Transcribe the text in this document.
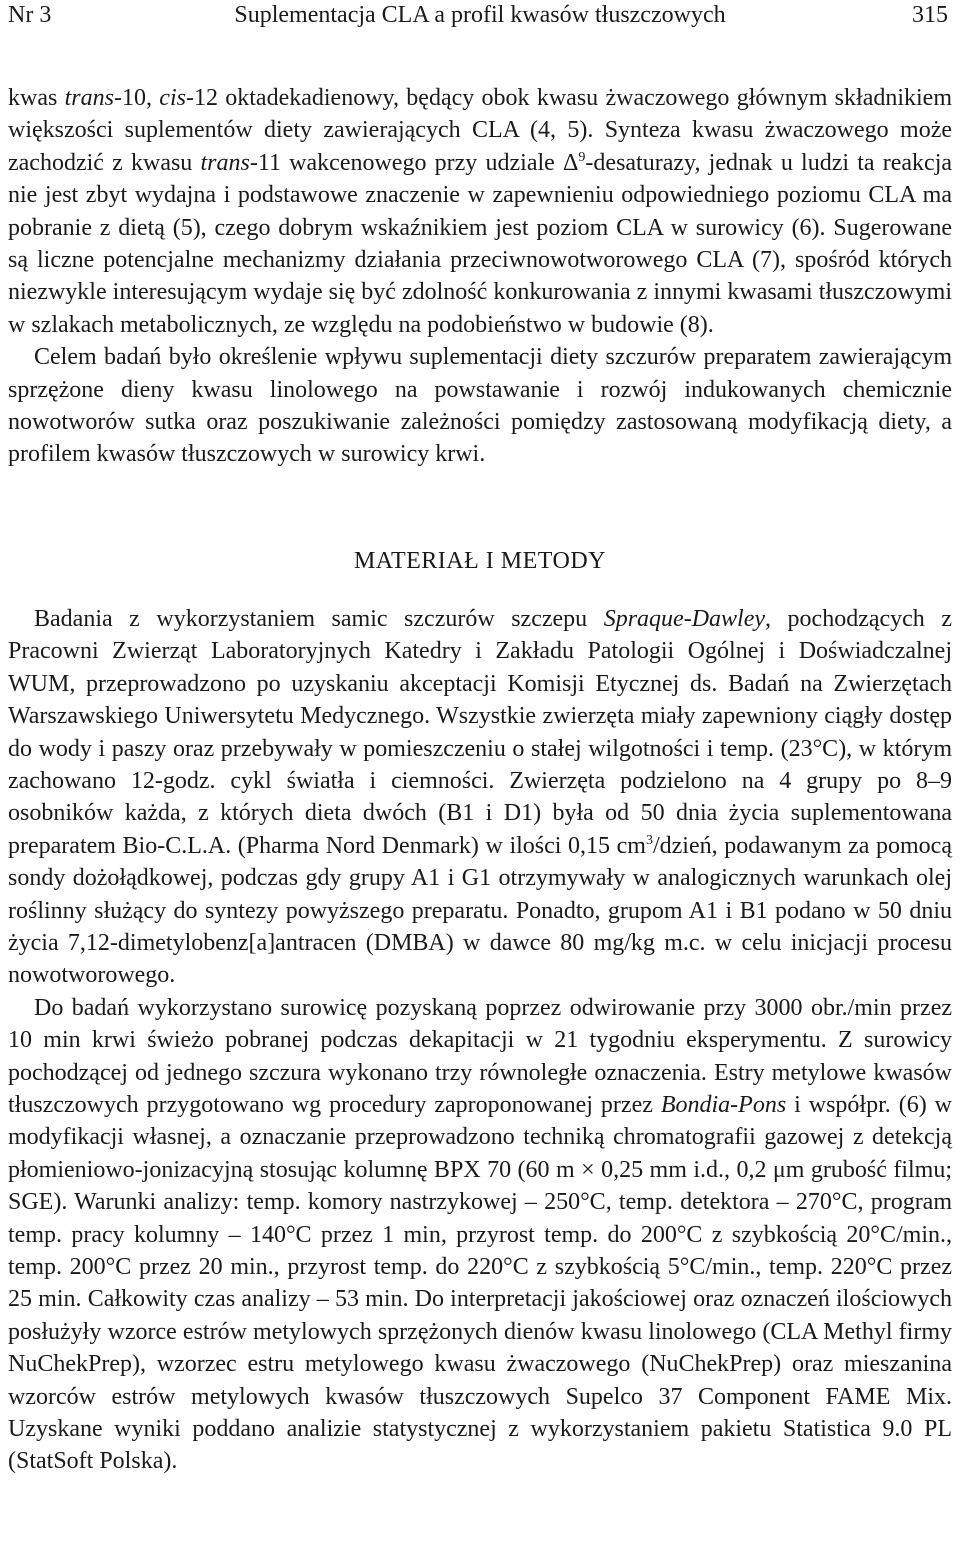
Nr 3	Suplementacja CLA a profil kwasów tłuszczowych	315

kwas trans-10, cis-12 oktadekadienowy, będący obok kwasu żwaczowego głównym składnikiem większości suplementów diety zawierających CLA (4, 5). Synteza kwasu żwaczowego może zachodzić z kwasu trans-11 wakcenowego przy udziale $\Delta^9$-desaturazy, jednak u ludzi ta reakcja nie jest zbyt wydajna i podstawowe znaczenie w zapewnieniu odpowiedniego poziomu CLA ma pobranie z dietą (5), czego dobrym wskaźnikiem jest poziom CLA w surowicy (6). Sugerowane są liczne potencjalne mechanizmy działania przeciwnowotworowego CLA (7), spośród których niezwykle interesującym wydaje się być zdolność konkurowania z innymi kwasami tłuszczowymi w szlakach metabolicznych, ze względu na podobieństwo w budowie (8).

Celem badań było określenie wpływu suplementacji diety szczurów preparatem zawierającym sprzężone dieny kwasu linolowego na powstawanie i rozwój indukowanych chemicznie nowotworów sutka oraz poszukiwanie zależności pomiędzy zastosowaną modyfikacją diety, a profilem kwasów tłuszczowych w surowicy krwi.

MATERIAŁ I METODY

Badania z wykorzystaniem samic szczurów szczepu Spraque-Dawley, pochodzących z Pracowni Zwierząt Laboratoryjnych Katedry i Zakładu Patologii Ogólnej i Doświadczalnej WUM, przeprowadzono po uzyskaniu akceptacji Komisji Etycznej ds. Badań na Zwierzętach Warszawskiego Uniwersytetu Medycznego. Wszystkie zwierzęta miały zapewniony ciągły dostęp do wody i paszy oraz przebywały w pomieszczeniu o stałej wilgotności i temp. (23°C), w którym zachowano 12-godz. cykl światła i ciemności. Zwierzęta podzielono na 4 grupy po 8–9 osobników każda, z których dieta dwóch (B1 i D1) była od 50 dnia życia suplementowana preparatem Bio-C.L.A. (Pharma Nord Denmark) w ilości 0,15 $cm^3$/dzień, podawanym za pomocą sondy dożołądkowej, podczas gdy grupy A1 i G1 otrzymywały w analogicznych warunkach olej roślinny służący do syntezy powyższego preparatu. Ponadto, grupom A1 i B1 podano w 50 dniu życia 7,12-dimetylobenz[a]antracen (DMBA) w dawce 80 mg/kg m.c. w celu inicjacji procesu nowotworowego.

Do badań wykorzystano surowicę pozyskaną poprzez odwirowanie przy 3000 obr./min przez 10 min krwi świeżo pobranej podczas dekapitacji w 21 tygodniu eksperymentu. Z surowicy pochodzącej od jednego szczura wykonano trzy równoległe oznaczenia. Estry metylowe kwasów tłuszczowych przygotowano wg procedury zaproponowanej przez Bondia-Pons i współpr. (6) w modyfikacji własnej, a oznaczanie przeprowadzono techniką chromatografii gazowej z detekcją płomieniowo-jonizacyjną stosując kolumnę BPX 70 (60 m × 0,25 mm i.d., 0,2 μm grubość filmu; SGE). Warunki analizy: temp. komory nastrzykowej – 250°C, temp. detektora – 270°C, program temp. pracy kolumny – 140°C przez 1 min, przyrost temp. do 200°C z szybkością 20°C/min., temp. 200°C przez 20 min., przyrost temp. do 220°C z szybkością 5°C/min., temp. 220°C przez 25 min. Całkowity czas analizy – 53 min. Do interpretacji jakościowej oraz oznaczeń ilościowych posłużyły wzorce estrów metylowych sprzężonych dienów kwasu linolowego (CLA Methyl firmy NuChekPrep), wzorzec estru metylowego kwasu żwaczowego (NuChekPrep) oraz mieszanina wzorców estrów metylowych kwasów tłuszczowych Supelco 37 Component FAME Mix. Uzyskane wyniki poddano analizie statystycznej z wykorzystaniem pakietu Statistica 9.0 PL (StatSoft Polska).
